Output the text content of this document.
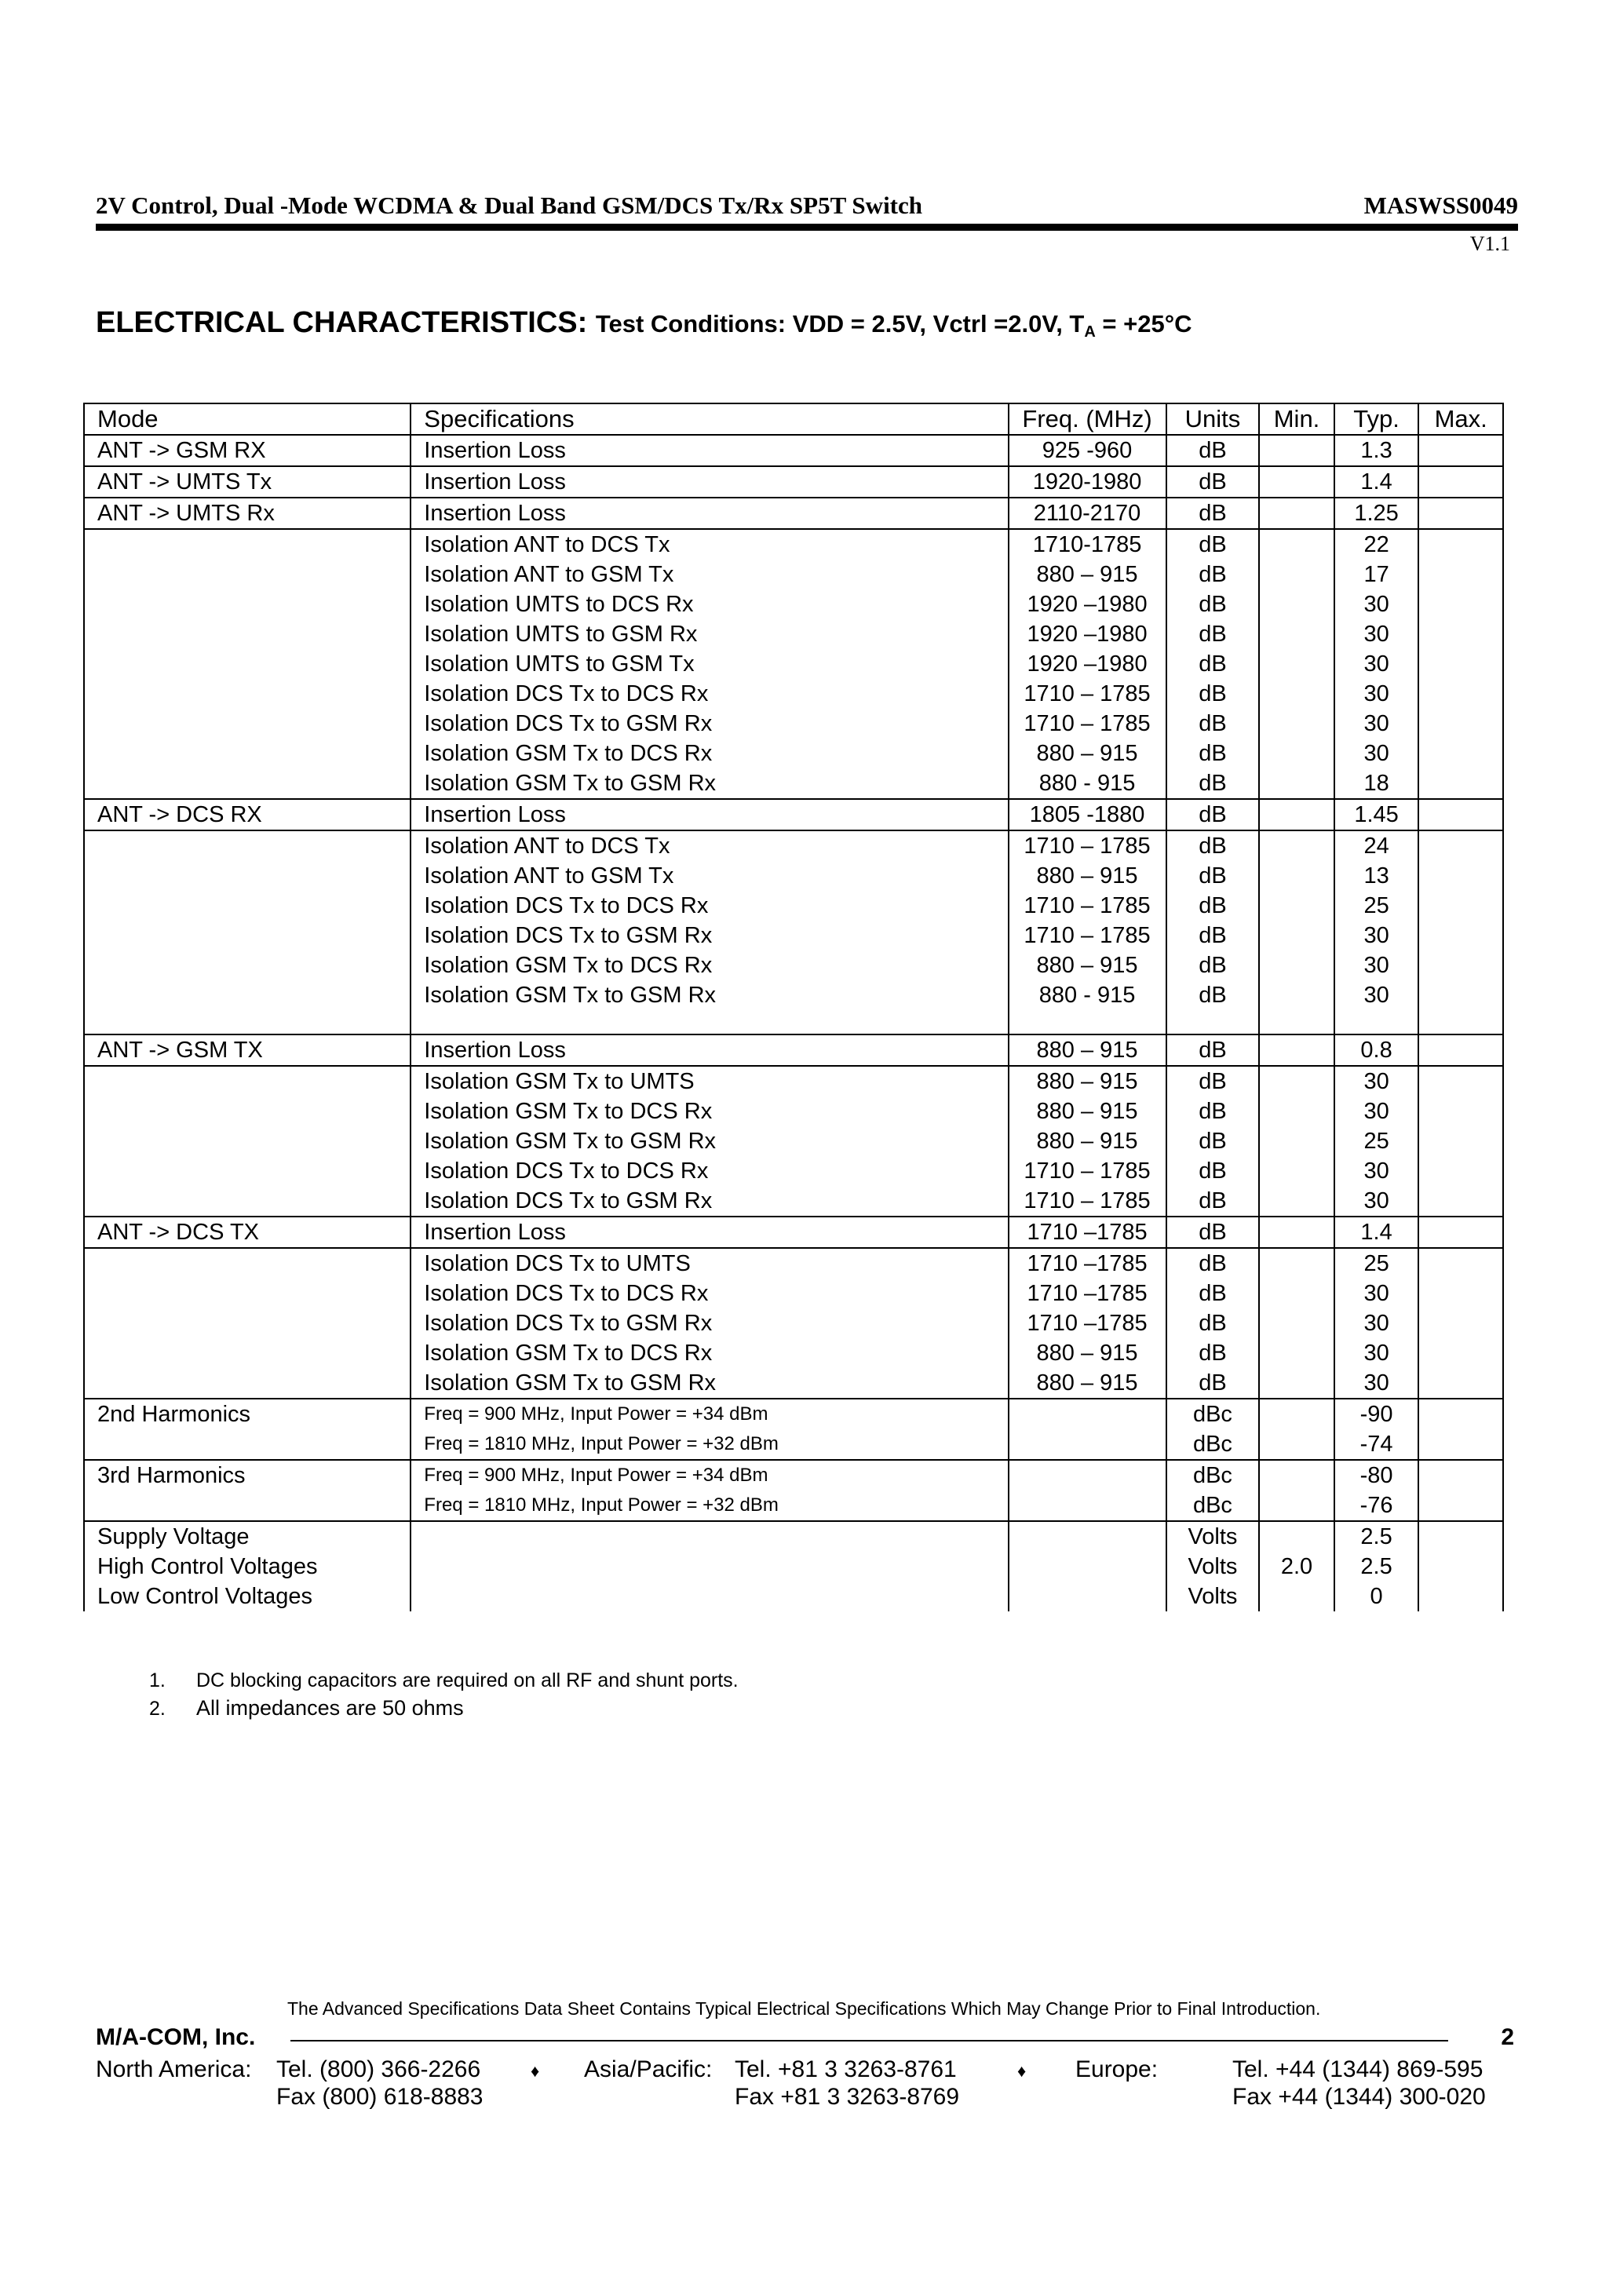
2V Control, Dual -Mode WCDMA & Dual Band GSM/DCS Tx/Rx SP5T Switch	MASWSS0049
V1.1
ELECTRICAL CHARACTERISTICS: Test Conditions: VDD = 2.5V, Vctrl =2.0V, $T_A = +25^\circ C$
Mode	Specifications	Freq. (MHz)	Units	Min.	Typ.	Max.
ANT -> GSM RX	Insertion Loss	925 -960	dB		1.3	
ANT -> UMTS Tx	Insertion Loss	1920-1980	dB		1.4	
ANT -> UMTS Rx	Insertion Loss	2110-2170	dB		1.25	
	Isolation ANT to DCS Tx	1710-1785	dB		22	
	Isolation ANT to GSM Tx	880 – 915	dB		17	
	Isolation UMTS to DCS Rx	1920 –1980	dB		30	
	Isolation UMTS to GSM Rx	1920 –1980	dB		30	
	Isolation UMTS to GSM Tx	1920 –1980	dB		30	
	Isolation DCS Tx to DCS Rx	1710 – 1785	dB		30	
	Isolation DCS Tx to GSM Rx	1710 – 1785	dB		30	
	Isolation GSM Tx to DCS Rx	880 – 915	dB		30	
	Isolation GSM Tx to GSM Rx	880 - 915	dB		18	
ANT -> DCS RX	Insertion Loss	1805 -1880	dB		1.45	
	Isolation ANT to DCS Tx	1710 – 1785	dB		24	
	Isolation ANT to GSM Tx	880 – 915	dB		13	
	Isolation DCS Tx to DCS Rx	1710 – 1785	dB		25	
	Isolation DCS Tx to GSM Rx	1710 – 1785	dB		30	
	Isolation GSM Tx to DCS Rx	880 – 915	dB		30	
	Isolation GSM Tx to GSM Rx	880 - 915	dB		30	

ANT -> GSM TX	Insertion Loss	880 – 915	dB		0.8	
	Isolation GSM Tx to UMTS	880 – 915	dB		30	
	Isolation GSM Tx to DCS Rx	880 – 915	dB		30	
	Isolation GSM Tx to GSM Rx	880 – 915	dB		25	
	Isolation DCS Tx to DCS Rx	1710 – 1785	dB		30	
	Isolation DCS Tx to GSM Rx	1710 – 1785	dB		30	
ANT -> DCS TX	Insertion Loss	1710 –1785	dB		1.4	
	Isolation DCS Tx to UMTS	1710 –1785	dB		25	
	Isolation DCS Tx to DCS Rx	1710 –1785	dB		30	
	Isolation DCS Tx to GSM Rx	1710 –1785	dB		30	
	Isolation GSM Tx to DCS Rx	880 – 915	dB		30	
	Isolation GSM Tx to GSM Rx	880 – 915	dB		30	
2nd Harmonics	Freq = 900 MHz, Input Power = +34 dBm		dBc		-90	
	Freq = 1810 MHz, Input Power = +32 dBm		dBc		-74	
3rd Harmonics	Freq = 900 MHz, Input Power = +34 dBm		dBc		-80	
	Freq = 1810 MHz, Input Power = +32 dBm		dBc		-76	
Supply Voltage			Volts		2.5	
High Control Voltages			Volts	2.0	2.5	
Low Control Voltages			Volts		0	
1. DC blocking capacitors are required on all RF and shunt ports.
2. All impedances are 50 ohms
The Advanced Specifications Data Sheet Contains Typical Electrical Specifications Which May Change Prior to Final Introduction.
M/A-COM, Inc.	2
North America: Tel. (800) 366-2266
Fax (800) 618-8883
♦ Asia/Pacific: Tel. +81 3 3263-8761
Fax +81 3 3263-8769
♦ Europe:	Tel. +44 (1344) 869-595
Fax +44 (1344) 300-020
